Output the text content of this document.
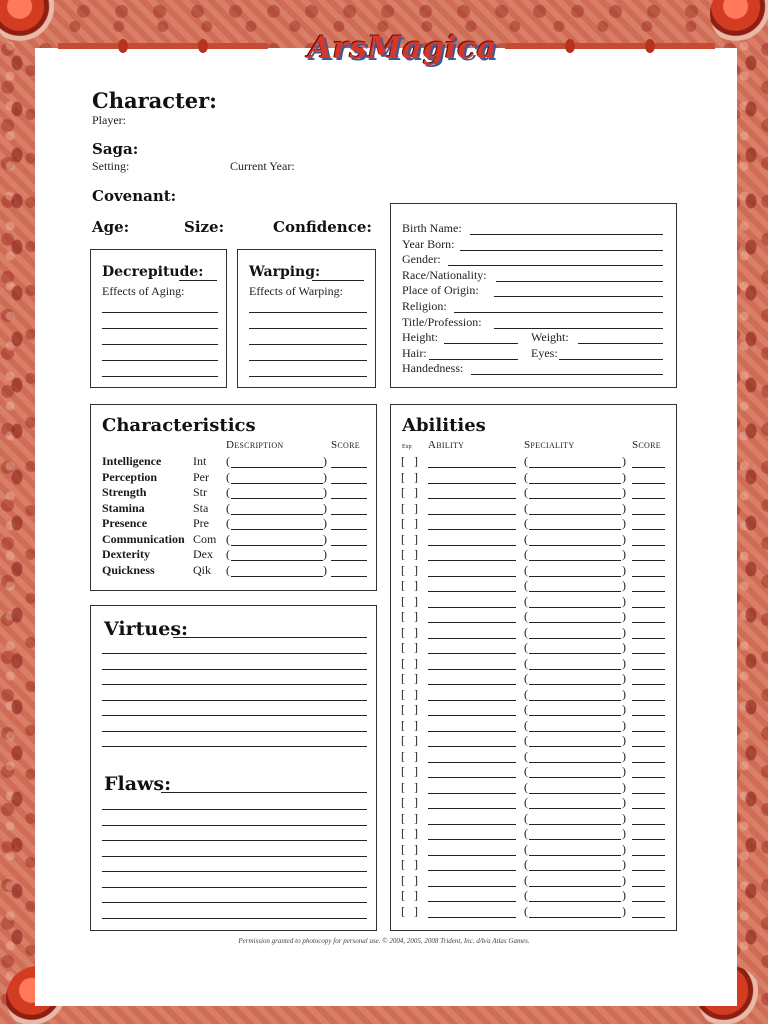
ArsMagica
Character:
Player:
Saga:
Setting:	Current Year:
Covenant:
Age:	Size:	Confidence:
Decrepitude:
Effects of Aging:
Warping:
Effects of Warping:
Birth Name:
Year Born:
Gender:
Race/Nationality:
Place of Origin:
Religion:
Title/Profession:
Height:	Weight:
Hair:	Eyes:
Handedness:
Characteristics
Description	Score
Intelligence	Int (	)
Perception	Per (	)
Strength	Str (	)
Stamina	Sta (	)
Presence	Pre (	)
Communication Com (	)
Dexterity	Dex (	)
Quickness	Qik (	)
Abilities
Exp Ability	Speciality	Score
[ ]	(	)
[ ]	(	)
[ ]	(	)
[ ]	(	)
[ ]	(	)
[ ]	(	)
[ ]	(	)
[ ]	(	)
[ ]	(	)
[ ]	(	)
[ ]	(	)
[ ]	(	)
[ ]	(	)
[ ]	(	)
[ ]	(	)
[ ]	(	)
[ ]	(	)
[ ]	(	)
[ ]	(	)
[ ]	(	)
[ ]	(	)
[ ]	(	)
[ ]	(	)
[ ]	(	)
[ ]	(	)
[ ]	(	)
[ ]	(	)
[ ]	(	)
[ ]	(	)
[ ]	(	)
Virtues:
Flaws:
Permission granted to photocopy for personal use. © 2004, 2005, 2008 Trident, Inc. d/b/a Atlas Games.
